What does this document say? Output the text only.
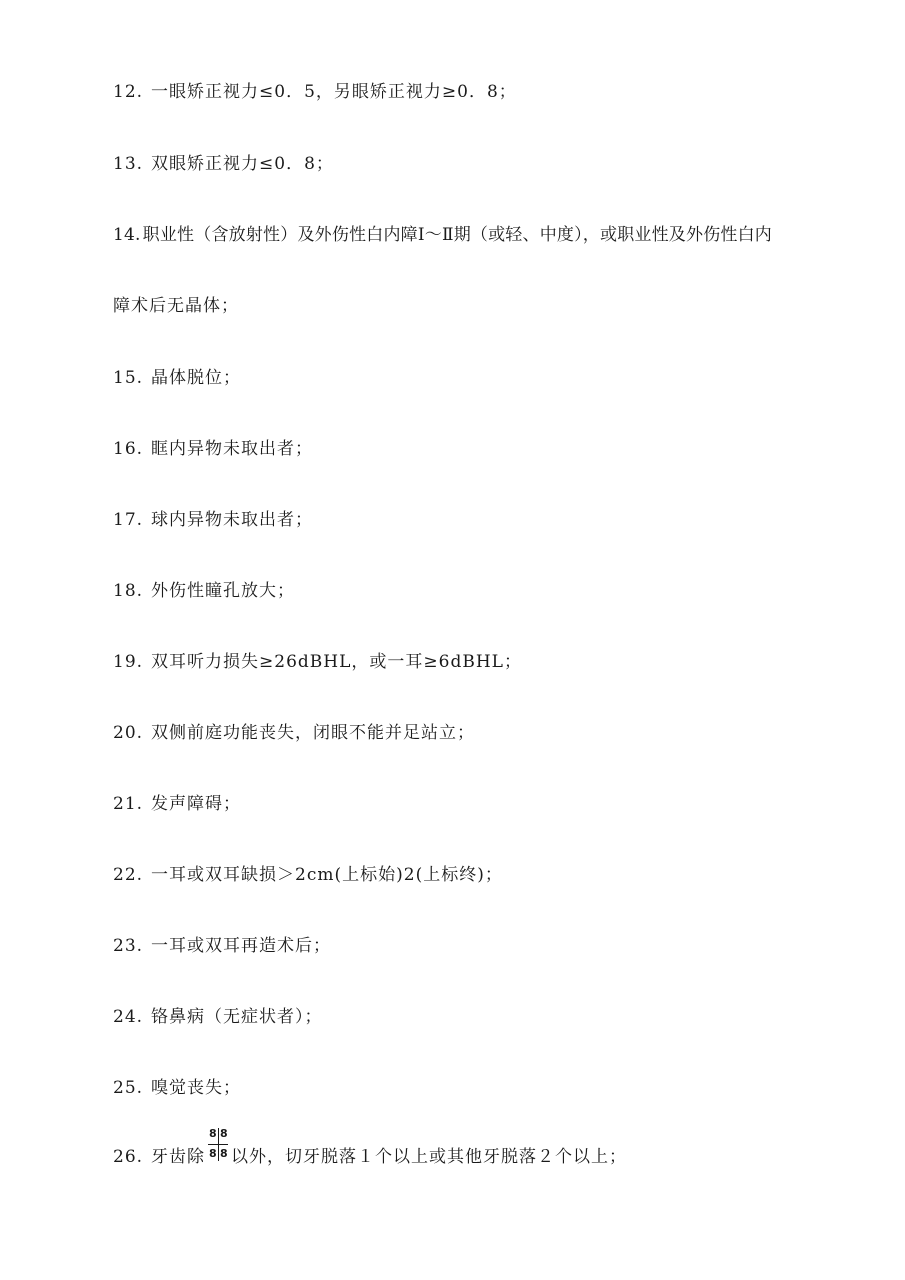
12. 一眼矫正视力≤0．5，另眼矫正视力≥0．8；
13. 双眼矫正视力≤0．8；
14. 职业性（含放射性）及外伤性白内障Ⅰ～Ⅱ期（或轻、中度），或职业性及外伤性白内
障术后无晶体；
15. 晶体脱位；
16. 眶内异物未取出者；
17. 球内异物未取出者；
18. 外伤性瞳孔放大；
19. 双耳听力损失≥26dBHL，或一耳≥6dBHL；
20. 双侧前庭功能丧失，闭眼不能并足站立；
21. 发声障碍；
22. 一耳或双耳缺损＞2cm(上标始)2(上标终)；
23. 一耳或双耳再造术后；
24. 铬鼻病（无症状者）；
25. 嗅觉丧失；
26. 牙齿除
8 8
8 8 以外，切牙脱落１个以上或其他牙脱落２个以上；
